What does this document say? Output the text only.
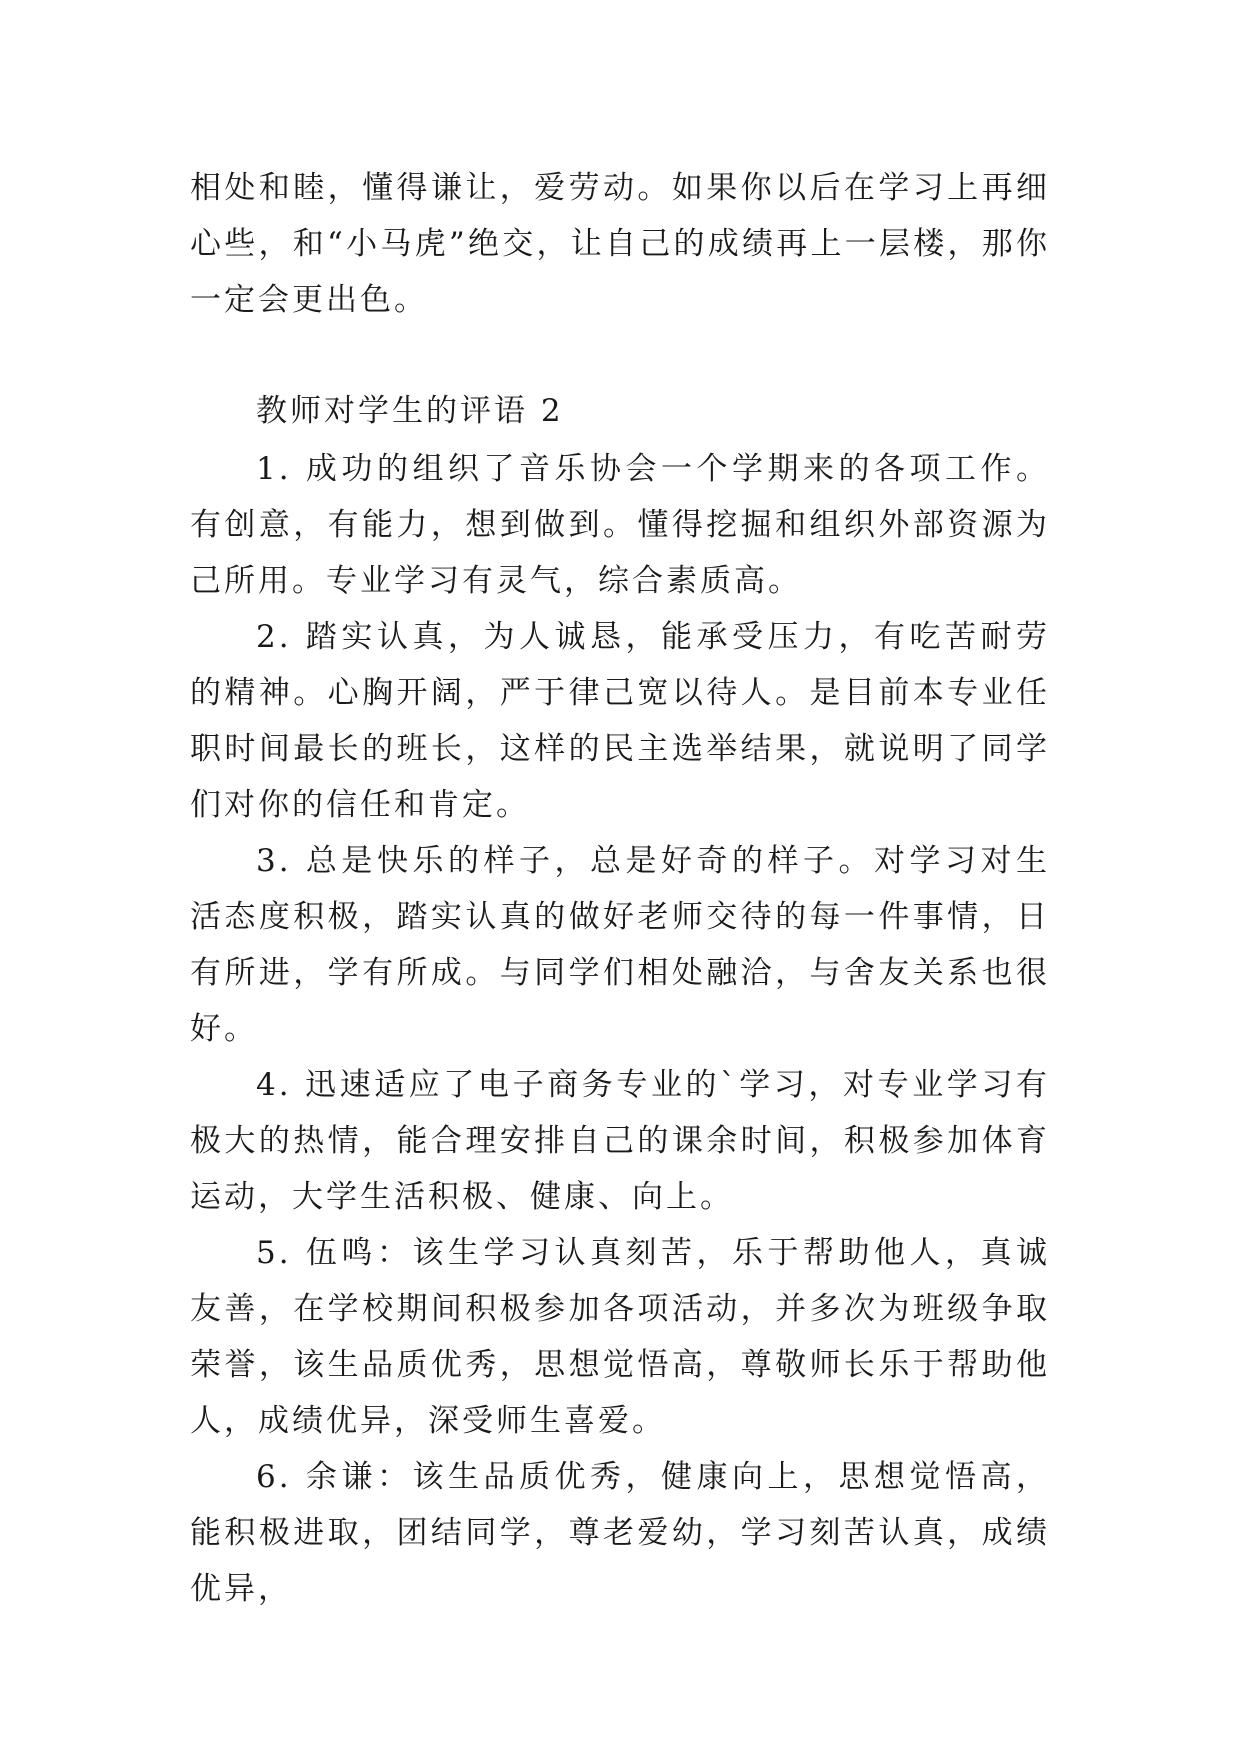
相处和睦，懂得谦让，爱劳动。如果你以后在学习上再细心些，和“小马虎”绝交，让自己的成绩再上一层楼，那你一定会更出色。

教师对学生的评语 2

1. 成功的组织了音乐协会一个学期来的各项工作。有创意，有能力，想到做到。懂得挖掘和组织外部资源为己所用。专业学习有灵气，综合素质高。

2. 踏实认真，为人诚恳，能承受压力，有吃苦耐劳的精神。心胸开阔，严于律己宽以待人。是目前本专业任职时间最长的班长，这样的民主选举结果，就说明了同学们对你的信任和肯定。

3. 总是快乐的样子，总是好奇的样子。对学习对生活态度积极，踏实认真的做好老师交待的每一件事情，日有所进，学有所成。与同学们相处融洽，与舍友关系也很好。

4. 迅速适应了电子商务专业的`学习，对专业学习有极大的热情，能合理安排自己的课余时间，积极参加体育运动，大学生活积极、健康、向上。

5. 伍鸣：该生学习认真刻苦，乐于帮助他人，真诚友善，在学校期间积极参加各项活动，并多次为班级争取荣誉，该生品质优秀，思想觉悟高，尊敬师长乐于帮助他人，成绩优异，深受师生喜爱。

6. 余谦：该生品质优秀，健康向上，思想觉悟高，能积极进取，团结同学，尊老爱幼，学习刻苦认真，成绩优异，
